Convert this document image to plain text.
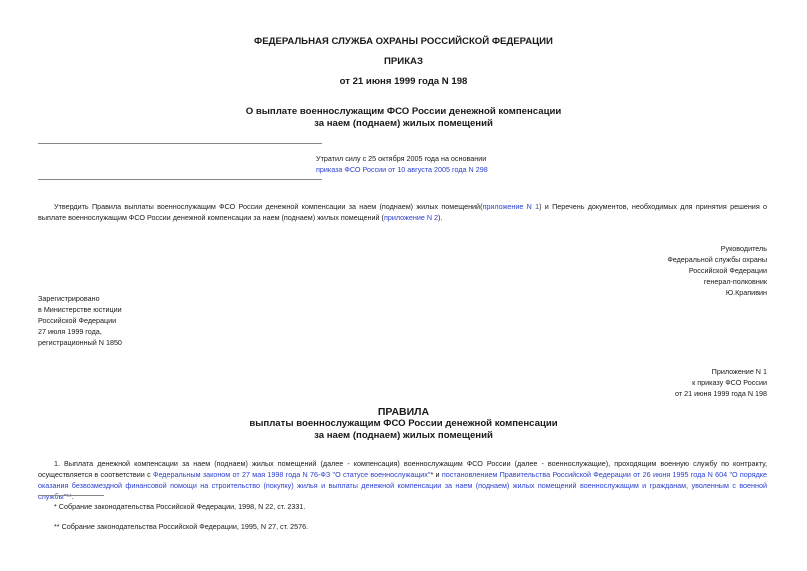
ФЕДЕРАЛЬНАЯ СЛУЖБА ОХРАНЫ РОССИЙСКОЙ ФЕДЕРАЦИИ
ПРИКАЗ
от 21 июня 1999 года N 198
О выплате военнослужащим ФСО России денежной компенсации
за наем (поднаем) жилых помещений
Утратил силу с 25 октября 2005 года на основании
приказа ФСО России от 10 августа 2005 года N 298
Утвердить Правила выплаты военнослужащим ФСО России денежной компенсации за наем (поднаем) жилых помещений(приложение N 1) и Перечень документов, необходимых для принятия решения о выплате военнослужащим ФСО России денежной компенсации за наем (поднаем) жилых помещений (приложение N 2).
Руководитель
Федеральной службы охраны
Российской Федерации
генерал-полковник
Ю.Крапивин
Зарегистрировано
в Министерстве юстиции
Российской Федерации
27 июля 1999 года,
регистрационный N 1850
Приложение N 1
к приказу ФСО России
от 21 июня 1999 года N 198
ПРАВИЛА
выплаты военнослужащим ФСО России денежной компенсации
за наем (поднаем) жилых помещений
1. Выплата денежной компенсации за наем (поднаем) жилых помещений (далее - компенсация) военнослужащим ФСО России (далее - военнослужащие), проходящим военную службу по контракту, осуществляется в соответствии с Федеральным законом от 27 мая 1998 года N 76-ФЗ "О статусе военнослужащих"* и постановлением Правительства Российской Федерации от 26 июня 1995 года N 604 "О порядке оказания безвозмездной финансовой помощи на строительство (покупку) жилья и выплаты денежной компенсации за наем (поднаем) жилых помещений военнослужащим и гражданам, уволенным с военной службы"**.
* Собрание законодательства Российской Федерации, 1998, N 22, ст. 2331.
** Собрание законодательства Российской Федерации, 1995, N 27, ст. 2576.
